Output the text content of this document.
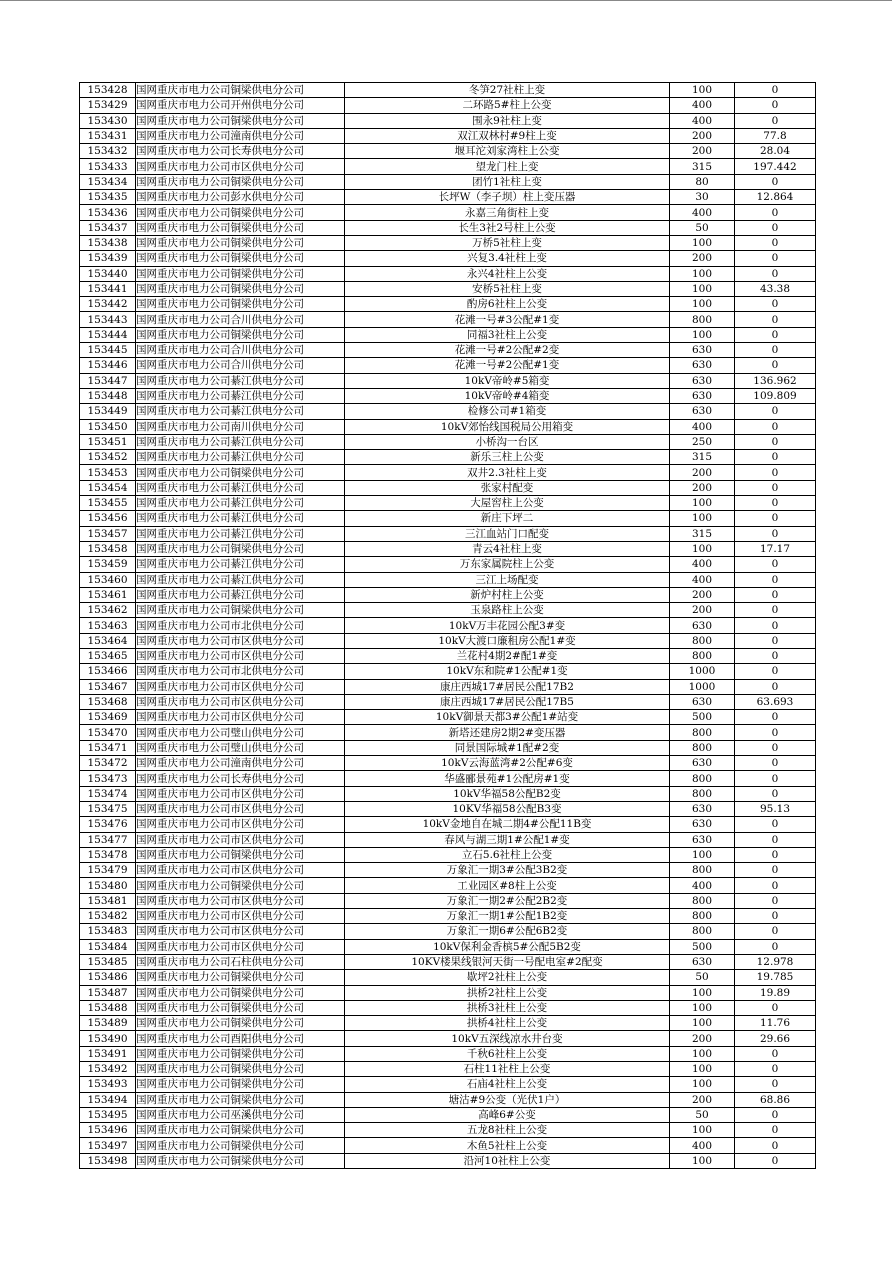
153428	国网重庆市电力公司铜梁供电分公司	冬笋27社柱上变	100	0
153429	国网重庆市电力公司开州供电分公司	二环路5#柱上公变	400	0
153430	国网重庆市电力公司铜梁供电分公司	围永9社柱上变	400	0
153431	国网重庆市电力公司潼南供电分公司	双江双林村#9柱上变	200	77.8
153432	国网重庆市电力公司长寿供电分公司	堰耳沱刘家湾柱上公变	200	28.04
153433	国网重庆市电力公司市区供电分公司	望龙门柱上变	315	197.442
153434	国网重庆市电力公司铜梁供电分公司	团竹1社柱上变	80	0
153435	国网重庆市电力公司彭水供电分公司	长坪W（李子坝）柱上变压器	30	12.864
153436	国网重庆市电力公司铜梁供电分公司	永嘉三角街柱上变	400	0
153437	国网重庆市电力公司铜梁供电分公司	长生3社2号柱上公变	50	0
153438	国网重庆市电力公司铜梁供电分公司	万桥5社柱上变	100	0
153439	国网重庆市电力公司铜梁供电分公司	兴复3.4社柱上变	200	0
153440	国网重庆市电力公司铜梁供电分公司	永兴4社柱上公变	100	0
153441	国网重庆市电力公司铜梁供电分公司	安桥5社柱上变	100	43.38
153442	国网重庆市电力公司铜梁供电分公司	酌房6社柱上公变	100	0
153443	国网重庆市电力公司合川供电分公司	花滩一号#3公配#1变	800	0
153444	国网重庆市电力公司铜梁供电分公司	同福3社柱上公变	100	0
153445	国网重庆市电力公司合川供电分公司	花滩一号#2公配#2变	630	0
153446	国网重庆市电力公司合川供电分公司	花滩一号#2公配#1变	630	0
153447	国网重庆市电力公司綦江供电分公司	10kV帝岭#5箱变	630	136.962
153448	国网重庆市电力公司綦江供电分公司	10kV帝岭#4箱变	630	109.809
153449	国网重庆市电力公司綦江供电分公司	检修公司#1箱变	630	0
153450	国网重庆市电力公司南川供电分公司	10kV郊怡线国税局公用箱变	400	0
153451	国网重庆市电力公司綦江供电分公司	小桥沟一台区	250	0
153452	国网重庆市电力公司綦江供电分公司	新乐三柱上公变	315	0
153453	国网重庆市电力公司铜梁供电分公司	双井2.3社柱上变	200	0
153454	国网重庆市电力公司綦江供电分公司	张家村配变	200	0
153455	国网重庆市电力公司綦江供电分公司	大屋窖柱上公变	100	0
153456	国网重庆市电力公司綦江供电分公司	新庄下坪二	100	0
153457	国网重庆市电力公司綦江供电分公司	三江血站门口配变	315	0
153458	国网重庆市电力公司铜梁供电分公司	青云4社柱上变	100	17.17
153459	国网重庆市电力公司綦江供电分公司	万东家属院柱上公变	400	0
153460	国网重庆市电力公司綦江供电分公司	三江上场配变	400	0
153461	国网重庆市电力公司綦江供电分公司	新炉村柱上公变	200	0
153462	国网重庆市电力公司铜梁供电分公司	玉泉路柱上公变	200	0
153463	国网重庆市电力公司市北供电分公司	10kV万丰花园公配3#变	630	0
153464	国网重庆市电力公司市区供电分公司	10kV大渡口廉租房公配1#变	800	0
153465	国网重庆市电力公司市区供电分公司	兰花村4期2#配1#变	800	0
153466	国网重庆市电力公司市北供电分公司	10kV东和院#1公配#1变	1000	0
153467	国网重庆市电力公司市区供电分公司	康庄西城17#居民公配17B2	1000	0
153468	国网重庆市电力公司市区供电分公司	康庄西城17#居民公配17B5	630	63.693
153469	国网重庆市电力公司市区供电分公司	10kV御景天都3#公配1#站变	500	0
153470	国网重庆市电力公司璧山供电分公司	新塔还建房2期2#变压器	800	0
153471	国网重庆市电力公司璧山供电分公司	同景国际城#1配#2变	800	0
153472	国网重庆市电力公司潼南供电分公司	10kV云海蓝湾#2公配#6变	630	0
153473	国网重庆市电力公司长寿供电分公司	华盛郦景苑#1公配房#1变	800	0
153474	国网重庆市电力公司市区供电分公司	10kV华福58公配B2变	800	0
153475	国网重庆市电力公司市区供电分公司	10KV华福58公配B3变	630	95.13
153476	国网重庆市电力公司市区供电分公司	10kV金地自在城二期4#公配11B变	630	0
153477	国网重庆市电力公司市区供电分公司	春风与湖三期1#公配1#变	630	0
153478	国网重庆市电力公司铜梁供电分公司	立石5.6社柱上公变	100	0
153479	国网重庆市电力公司市区供电分公司	万象汇一期3#公配3B2变	800	0
153480	国网重庆市电力公司铜梁供电分公司	工业园区#8柱上公变	400	0
153481	国网重庆市电力公司市区供电分公司	万象汇一期2#公配2B2变	800	0
153482	国网重庆市电力公司市区供电分公司	万象汇一期1#公配1B2变	800	0
153483	国网重庆市电力公司市区供电分公司	万象汇一期6#公配6B2变	800	0
153484	国网重庆市电力公司市区供电分公司	10kV保利金香槟5#公配5B2变	500	0
153485	国网重庆市电力公司石柱供电分公司	10KV楼果线银河天街一号配电室#2配变	630	12.978
153486	国网重庆市电力公司铜梁供电分公司	歇坪2社柱上公变	50	19.785
153487	国网重庆市电力公司铜梁供电分公司	拱桥2社柱上公变	100	19.89
153488	国网重庆市电力公司铜梁供电分公司	拱桥3社柱上公变	100	0
153489	国网重庆市电力公司铜梁供电分公司	拱桥4社柱上公变	100	11.76
153490	国网重庆市电力公司酉阳供电分公司	10kV五深线凉水井台变	200	29.66
153491	国网重庆市电力公司铜梁供电分公司	千秋6社柱上公变	100	0
153492	国网重庆市电力公司铜梁供电分公司	石柱11社柱上公变	100	0
153493	国网重庆市电力公司铜梁供电分公司	石庙4社柱上公变	100	0
153494	国网重庆市电力公司铜梁供电分公司	塘沽#9公变（光伏1户）	200	68.86
153495	国网重庆市电力公司巫溪供电分公司	高峰6#公变	50	0
153496	国网重庆市电力公司铜梁供电分公司	五龙8社柱上公变	100	0
153497	国网重庆市电力公司铜梁供电分公司	木鱼5社柱上公变	400	0
153498	国网重庆市电力公司铜梁供电分公司	沿河10社柱上公变	100	0
